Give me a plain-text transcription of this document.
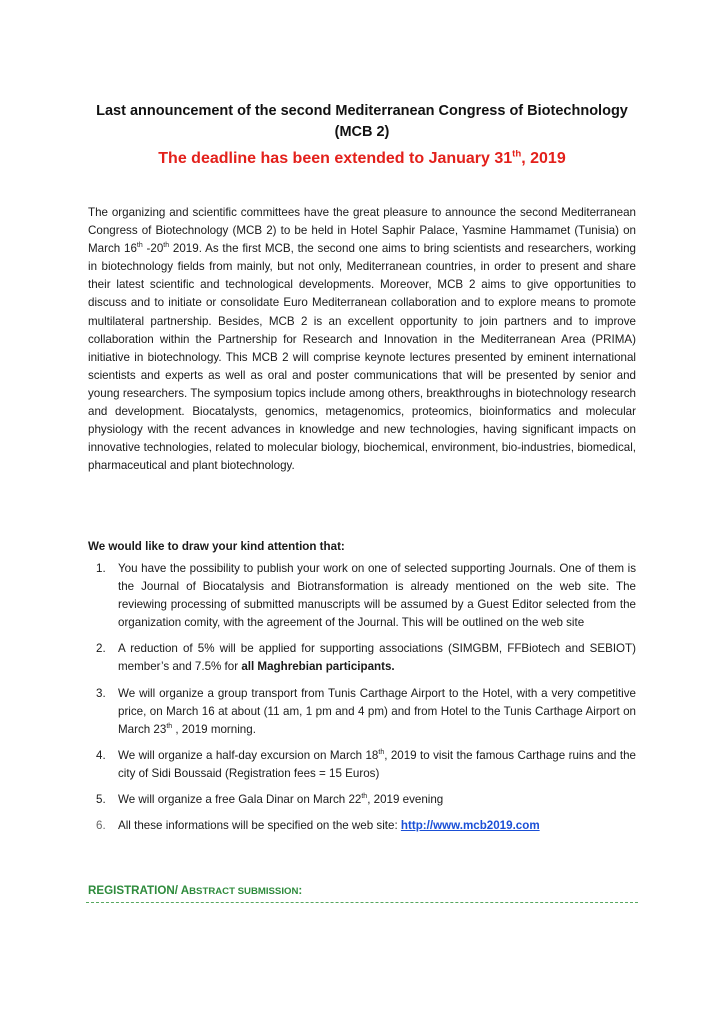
Last announcement of the second Mediterranean Congress of Biotechnology
(MCB 2)
The deadline has been extended to January 31th, 2019

The organizing and scientific committees have the great pleasure to announce the second Mediterranean Congress of Biotechnology (MCB 2) to be held in Hotel Saphir Palace, Yasmine Hammamet (Tunisia) on March 16th -20th 2019. As the first MCB, the second one aims to bring scientists and researchers, working in biotechnology fields from mainly, but not only, Mediterranean countries, in order to present and share their latest scientific and technological developments. Moreover, MCB 2 aims to give opportunities to discuss and to initiate or consolidate Euro Mediterranean collaboration and to explore means to promote multilateral partnership. Besides, MCB 2 is an excellent opportunity to join partners and to improve collaboration within the Partnership for Research and Innovation in the Mediterranean Area (PRIMA) initiative in biotechnology. This MCB 2 will comprise keynote lectures presented by eminent international scientists and experts as well as oral and poster communications that will be presented by senior and young researchers. The symposium topics include among others, breakthroughs in biotechnology research and development. Biocatalysts, genomics, metagenomics, proteomics, bioinformatics and molecular physiology with the recent advances in knowledge and new technologies, having significant impacts on innovative technologies, related to molecular biology, biochemical, environment, bio-industries, biomedical, pharmaceutical and plant biotechnology.

We would like to draw your kind attention that:

1. You have the possibility to publish your work on one of selected supporting Journals. One of them is the Journal of Biocatalysis and Biotransformation is already mentioned on the web site. The reviewing processing of submitted manuscripts will be assumed by a Guest Editor selected from the organization comity, with the agreement of the Journal. This will be outlined on the web site
2. A reduction of 5% will be applied for supporting associations (SIMGBM, FFBiotech and SEBIOT) member’s and 7.5% for all Maghrebian participants.
3. We will organize a group transport from Tunis Carthage Airport to the Hotel, with a very competitive price, on March 16 at about (11 am, 1 pm and 4 pm) and from Hotel to the Tunis Carthage Airport on March 23th , 2019 morning.
4. We will organize a half-day excursion on March 18th, 2019 to visit the famous Carthage ruins and the city of Sidi Boussaid (Registration fees = 15 Euros)
5. We will organize a free Gala Dinar on March 22th, 2019 evening
6. All these informations will be specified on the web site: http://www.mcb2019.com

REGISTRATION/ ABSTRACT SUBMISSION:
